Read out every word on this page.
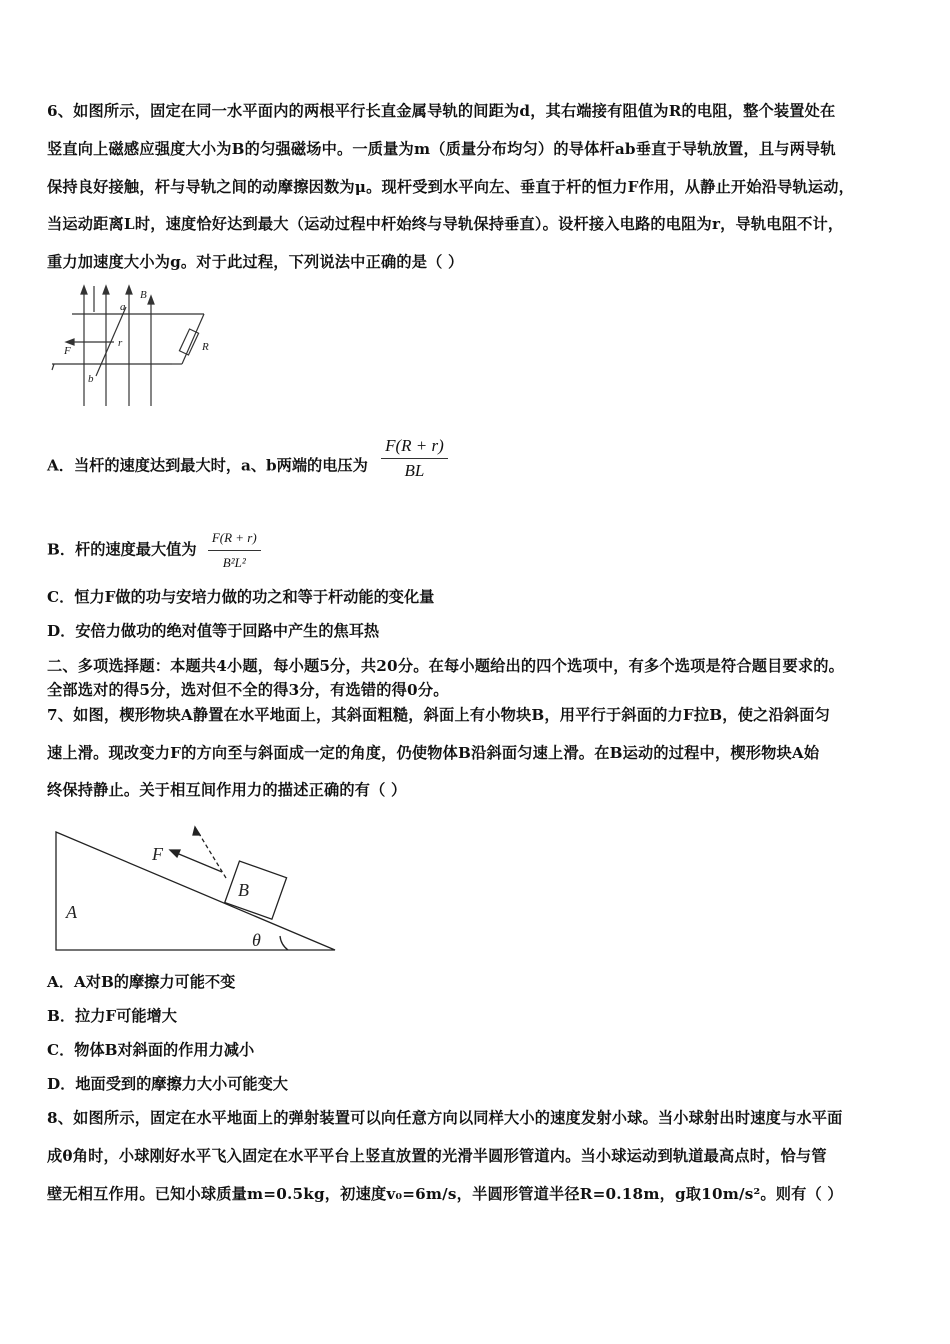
6、如图所示，固定在同一水平面内的两根平行长直金属导轨的间距为d，其右端接有阻值为R的电阻，整个装置处在
竖直向上磁感应强度大小为B的匀强磁场中。一质量为m（质量分布均匀）的导体杆ab垂直于导轨放置，且与两导轨
保持良好接触，杆与导轨之间的动摩擦因数为μ。现杆受到水平向左、垂直于杆的恒力F作用，从静止开始沿导轨运动，
当运动距离L时，速度恰好达到最大（运动过程中杆始终与导轨保持垂直）。设杆接入电路的电阻为r，导轨电阻不计，
重力加速度大小为g。对于此过程，下列说法中正确的是（ ）
a
B
F
r	R
b
A．当杆的速度达到最大时，a、b两端的电压为 $\frac{F(R + r)}{BL}$
B．杆的速度最大值为 $\frac{F(R + r)}{\text{B²L²}}$
C．恒力F做的功与安培力做的功之和等于杆动能的变化量
D．安倍力做功的绝对值等于回路中产生的焦耳热
二、多项选择题：本题共4小题，每小题5分，共20分。在每小题给出的四个选项中，有多个选项是符合题目要求的。
全部选对的得5分，选对但不全的得3分，有选错的得0分。
7、如图，楔形物块A静置在水平地面上，其斜面粗糙，斜面上有小物块B，用平行于斜面的力F拉B，使之沿斜面匀
速上滑。现改变力F的方向至与斜面成一定的角度，仍使物体B沿斜面匀速上滑。在B运动的过程中，楔形物块A始
终保持静止。关于相互间作用力的描述正确的有（ ）
F
B
A
θ
A．A对B的摩擦力可能不变
B．拉力F可能增大
C．物体B对斜面的作用力减小
D．地面受到的摩擦力大小可能变大
8、如图所示，固定在水平地面上的弹射装置可以向任意方向以同样大小的速度发射小球。当小球射出时速度与水平面
成θ角时，小球刚好水平飞入固定在水平平台上竖直放置的光滑半圆形管道内。当小球运动到轨道最高点时，恰与管
壁无相互作用。已知小球质量m=0.5kg，初速度v₀=6m/s，半圆形管道半径R=0.18m，g取10m/s²。则有（ ）
